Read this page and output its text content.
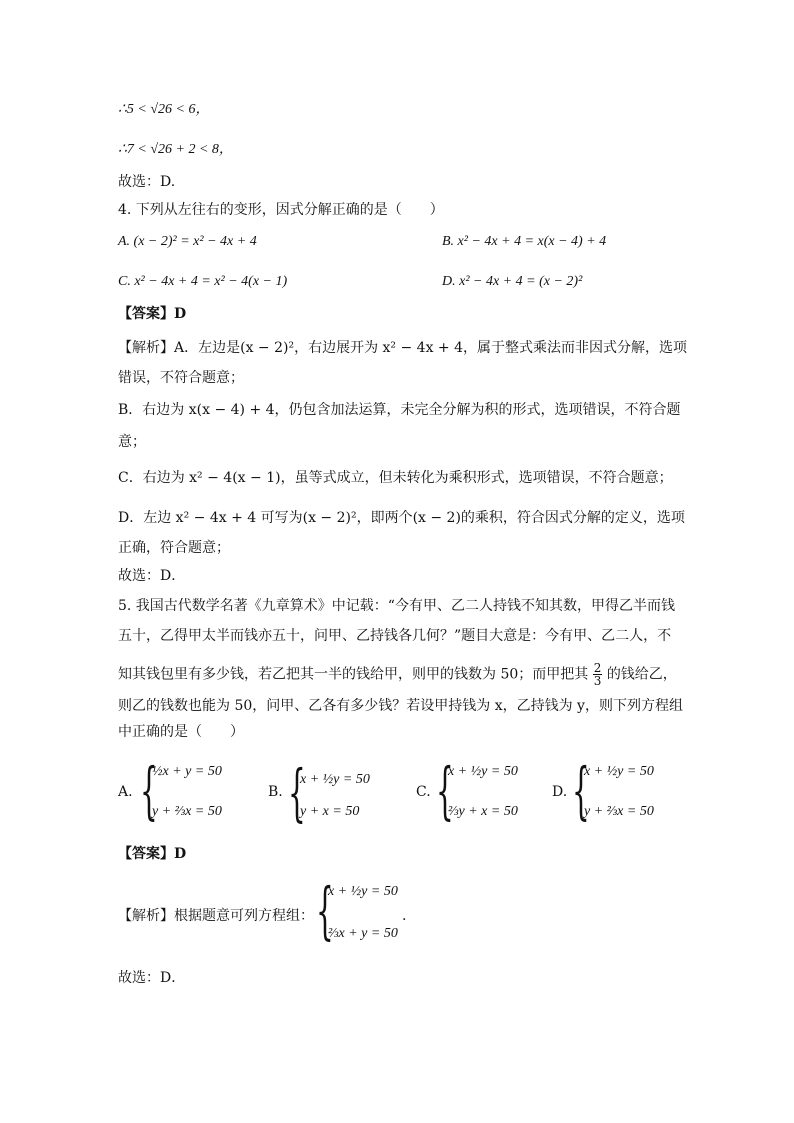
∴5 < √26 < 6，
∴7 < √26 + 2 < 8，
故选：D.
4. 下列从左往右的变形，因式分解正确的是（　　）
A. (x − 2)² = x² − 4x + 4	B. x² − 4x + 4 = x(x − 4) + 4
C. x² − 4x + 4 = x² − 4(x − 1)	D. x² − 4x + 4 = (x − 2)²
【答案】D
【解析】A．左边是(x − 2)²，右边展开为 x² − 4x + 4，属于整式乘法而非因式分解，选项
错误，不符合题意；
B．右边为 x(x − 4) + 4，仍包含加法运算，未完全分解为积的形式，选项错误，不符合题
意；
C．右边为 x² − 4(x − 1)，虽等式成立，但未转化为乘积形式，选项错误，不符合题意；
D．左边 x² − 4x + 4 可写为(x − 2)²，即两个(x − 2)的乘积，符合因式分解的定义，选项
正确，符合题意；
故选：D．
5. 我国古代数学名著《九章算术》中记载：“今有甲、乙二人持钱不知其数，甲得乙半而钱
五十，乙得甲太半而钱亦五十，问甲、乙持钱各几何？”题目大意是：今有甲、乙二人，不
知其钱包里有多少钱，若乙把其一半的钱给甲，则甲的钱数为 50；而甲把其 $\frac{2}{3}$ 的钱给乙，
则乙的钱数也能为 50，问甲、乙各有多少钱？若设甲持钱为 x，乙持钱为 y，则下列方程组
中正确的是（　　）
A. {
½x + y = 50
y + ⅔x = 50
B. {
x + ½y = 50
y + x = 50
C. {
x + ½y = 50
⅔y + x = 50
D. {
x + ½y = 50
y + ⅔x = 50
【答案】D
【解析】根据题意可列方程组： {
x + ½y = 50
⅔x + y = 50
.
故选：D．
